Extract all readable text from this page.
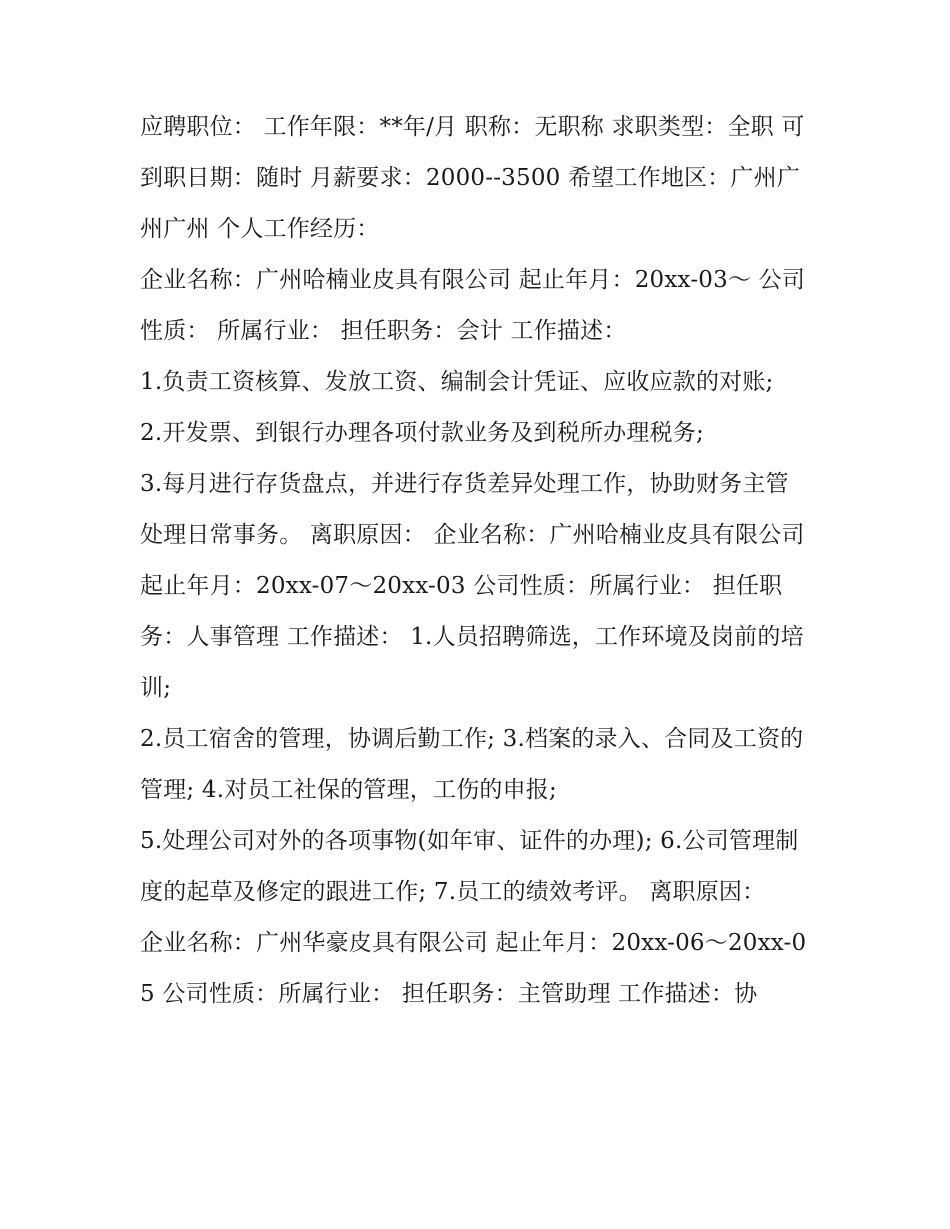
应聘职位： 工作年限：**年/月 职称：无职称 求职类型：全职 可到职日期：随时 月薪要求：2000--3500 希望工作地区：广州广州广州 个人工作经历：

企业名称：广州哈楠业皮具有限公司 起止年月：20xx-03～ 公司性质： 所属行业： 担任职务：会计 工作描述：

1.负责工资核算、发放工资、编制会计凭证、应收应款的对账;

2.开发票、到银行办理各项付款业务及到税所办理税务;

3.每月进行存货盘点，并进行存货差异处理工作，协助财务主管处理日常事务。 离职原因： 企业名称：广州哈楠业皮具有限公司

起止年月：20xx-07～20xx-03 公司性质：所属行业： 担任职务：人事管理 工作描述： 1.人员招聘筛选，工作环境及岗前的培训;

2.员工宿舍的管理，协调后勤工作; 3.档案的录入、合同及工资的管理; 4.对员工社保的管理，工伤的申报;

5.处理公司对外的各项事物(如年审、证件的办理); 6.公司管理制度的起草及修定的跟进工作; 7.员工的绩效考评。 离职原因：

企业名称：广州华豪皮具有限公司 起止年月：20xx-06～20xx-05 公司性质：所属行业： 担任职务：主管助理 工作描述：协
